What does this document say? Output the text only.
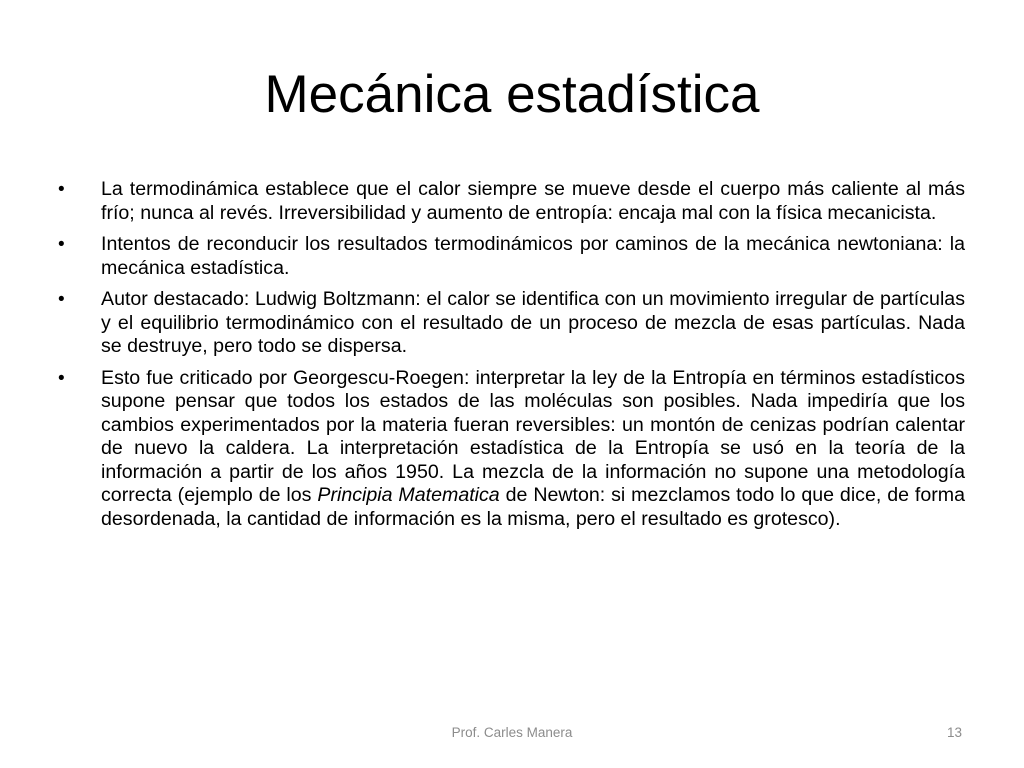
Mecánica estadística
• La termodinámica establece que el calor siempre se mueve desde el cuerpo más caliente al más frío; nunca al revés. Irreversibilidad y aumento de entropía: encaja mal con la física mecanicista.
• Intentos de reconducir los resultados termodinámicos por caminos de la mecánica newtoniana: la mecánica estadística.
• Autor destacado: Ludwig Boltzmann: el calor se identifica con un movimiento irregular de partículas y el equilibrio termodinámico con el resultado de un proceso de mezcla de esas partículas. Nada se destruye, pero todo se dispersa.
• Esto fue criticado por Georgescu-Roegen: interpretar la ley de la Entropía en términos estadísticos supone pensar que todos los estados de las moléculas son posibles. Nada impediría que los cambios experimentados por la materia fueran reversibles: un montón de cenizas podrían calentar de nuevo la caldera. La interpretación estadística de la Entropía se usó en la teoría de la información a partir de los años 1950. La mezcla de la información no supone una metodología correcta (ejemplo de los Principia Matematica de Newton: si mezclamos todo lo que dice, de forma desordenada, la cantidad de información es la misma, pero el resultado es grotesco).
Prof. Carles Manera	13
